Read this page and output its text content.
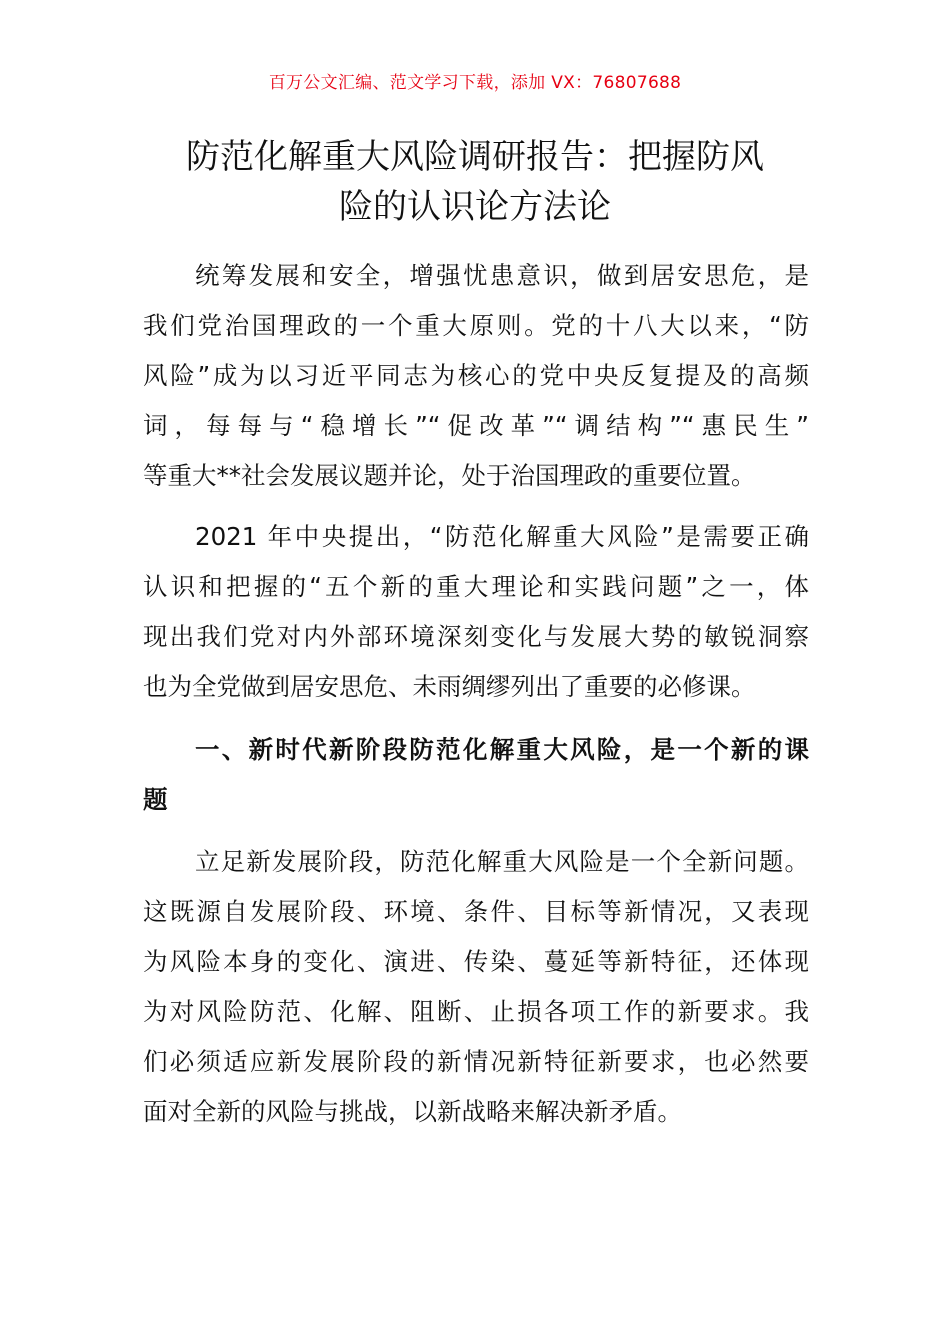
百万公文汇编、范文学习下载，添加 VX：76807688
防范化解重大风险调研报告：把握防风
险的认识论方法论
统筹发展和安全，增强忧患意识，做到居安思危，是
我们党治国理政的一个重大原则。党的十八大以来，“防
风险”成为以习近平同志为核心的党中央反复提及的高频
词，每每与“稳增长”“促改革”“调结构”“惠民生”
等重大**社会发展议题并论，处于治国理政的重要位置。
2021 年中央提出，“防范化解重大风险”是需要正确
认识和把握的“五个新的重大理论和实践问题”之一，体
现出我们党对内外部环境深刻变化与发展大势的敏锐洞察
也为全党做到居安思危、未雨绸缪列出了重要的必修课。
一、新时代新阶段防范化解重大风险，是一个新的课
题
立足新发展阶段，防范化解重大风险是一个全新问题。
这既源自发展阶段、环境、条件、目标等新情况，又表现
为风险本身的变化、演进、传染、蔓延等新特征，还体现
为对风险防范、化解、阻断、止损各项工作的新要求。我
们必须适应新发展阶段的新情况新特征新要求，也必然要
面对全新的风险与挑战，以新战略来解决新矛盾。
